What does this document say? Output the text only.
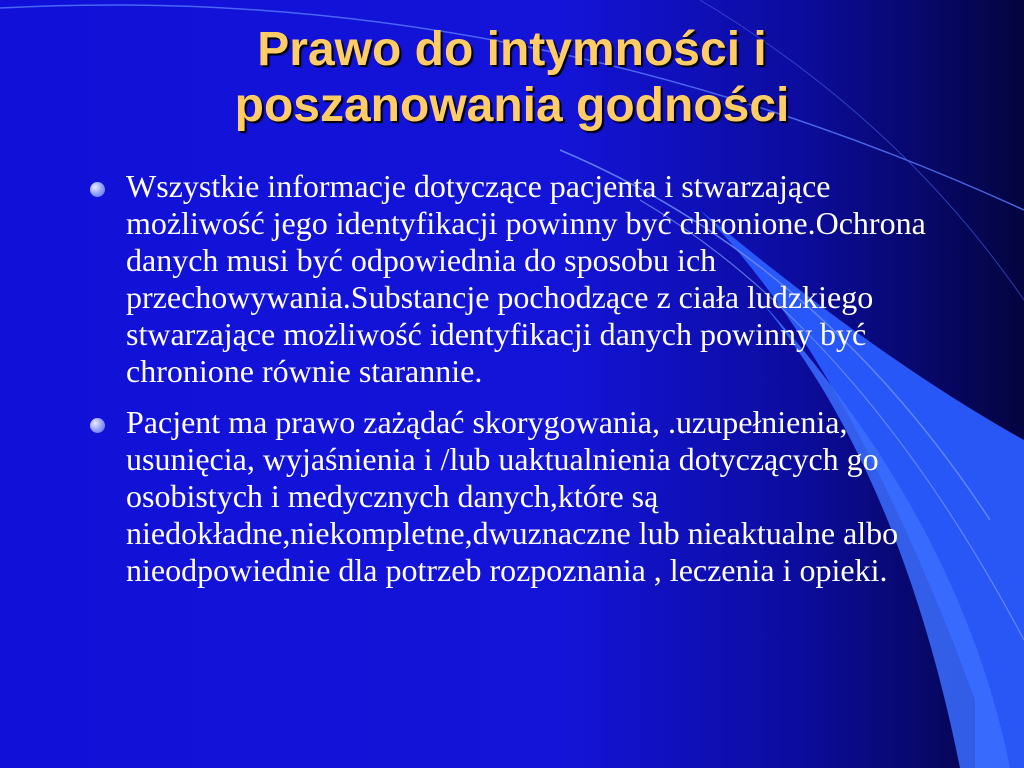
Prawo do intymności i
poszanowania godności
Wszystkie informacje dotyczące pacjenta i stwarzające możliwość jego identyfikacji powinny być chronione.Ochrona danych musi być odpowiednia do sposobu ich przechowywania.Substancje pochodzące z ciała ludzkiego stwarzające możliwość identyfikacji danych powinny być chronione równie starannie.
Pacjent ma prawo zażądać skorygowania, .uzupełnienia, usunięcia, wyjaśnienia i /lub uaktualnienia dotyczących go osobistych i medycznych danych,które są niedokładne,niekompletne,dwuznaczne lub nieaktualne albo nieodpowiednie dla potrzeb rozpoznania , leczenia i opieki.
